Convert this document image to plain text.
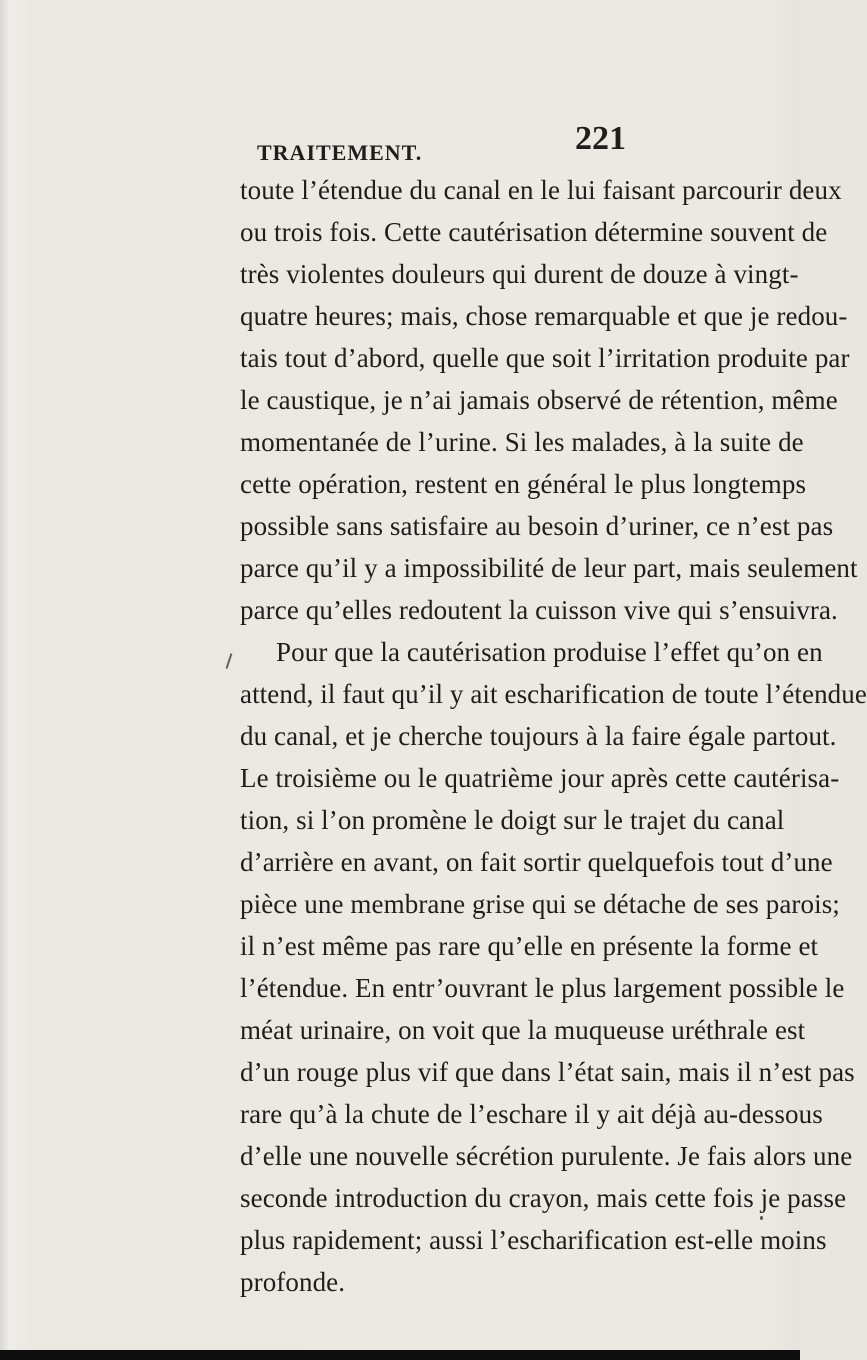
TRAITEMENT.	221
toute l’étendue du canal en le lui faisant parcourir deux
ou trois fois. Cette cautérisation détermine souvent de
très violentes douleurs qui durent de douze à vingt-
quatre heures; mais, chose remarquable et que je redou-
tais tout d’abord, quelle que soit l’irritation produite par
le caustique, je n’ai jamais observé de rétention, même
momentanée de l’urine. Si les malades, à la suite de
cette opération, restent en général le plus longtemps
possible sans satisfaire au besoin d’uriner, ce n’est pas
parce qu’il y a impossibilité de leur part, mais seulement
parce qu’elles redoutent la cuisson vive qui s’ensuivra.
Pour que la cautérisation produise l’effet qu’on en
attend, il faut qu’il y ait escharification de toute l’étendue
du canal, et je cherche toujours à la faire égale partout.
Le troisième ou le quatrième jour après cette cautérisa-
tion, si l’on promène le doigt sur le trajet du canal
d’arrière en avant, on fait sortir quelquefois tout d’une
pièce une membrane grise qui se détache de ses parois;
il n’est même pas rare qu’elle en présente la forme et
l’étendue. En entr’ouvrant le plus largement possible le
méat urinaire, on voit que la muqueuse uréthrale est
d’un rouge plus vif que dans l’état sain, mais il n’est pas
rare qu’à la chute de l’eschare il y ait déjà au-dessous
d’elle une nouvelle sécrétion purulente. Je fais alors une
seconde introduction du crayon, mais cette fois je passe
plus rapidement; aussi l’escharification est-elle moins
profonde.
